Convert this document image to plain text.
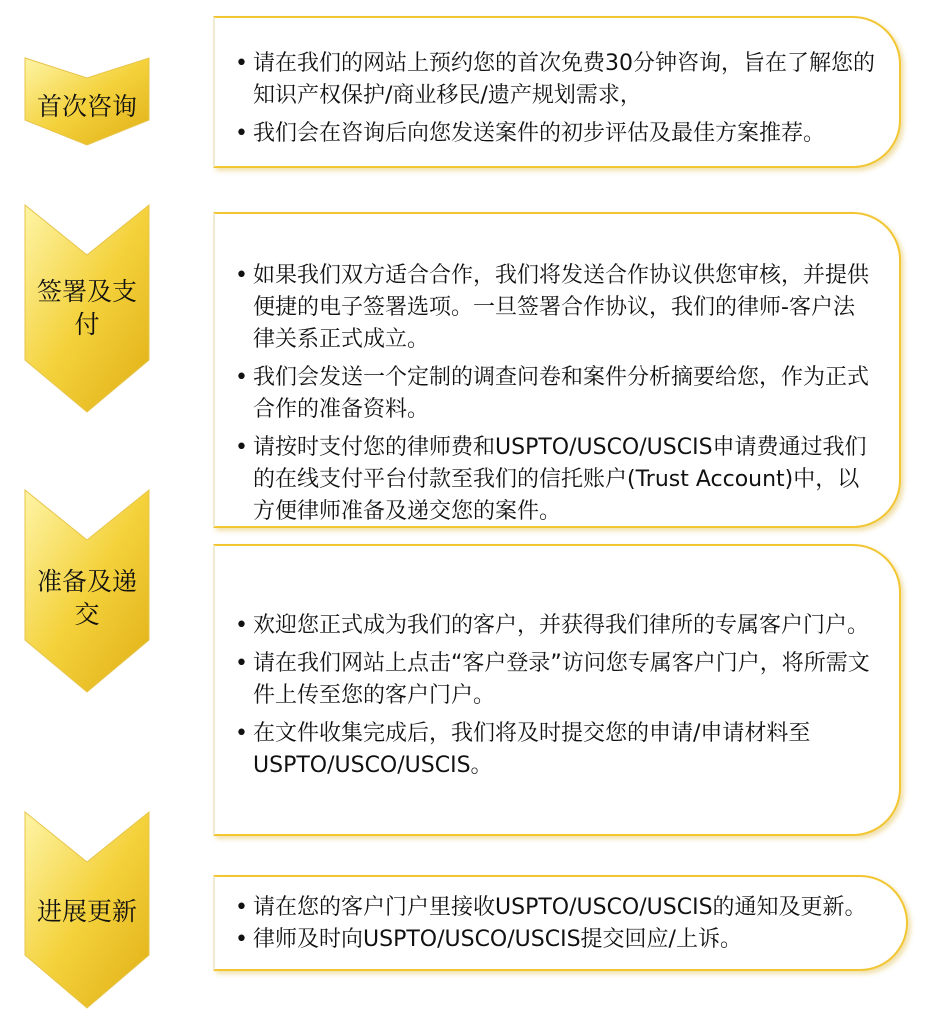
首次咨询
• 请在我们的网站上预约您的首次免费30分钟咨询，旨在了解您的知识产权保护/商业移民/遗产规划需求，
• 我们会在咨询后向您发送案件的初步评估及最佳方案推荐。
签署及支付
• 如果我们双方适合合作，我们将发送合作协议供您审核，并提供便捷的电子签署选项。一旦签署合作协议，我们的律师-客户法律关系正式成立。
• 我们会发送一个定制的调查问卷和案件分析摘要给您，作为正式合作的准备资料。
• 请按时支付您的律师费和USPTO/USCO/USCIS申请费通过我们的在线支付平台付款至我们的信托账户(Trust Account)中，以方便律师准备及递交您的案件。
准备及递交	• 欢迎您正式成为我们的客户，并获得我们律所的专属客户门户。
• 请在我们网站上点击“客户登录”访问您专属客户门户，将所需文件上传至您的客户门户。
• 在文件收集完成后，我们将及时提交您的申请/申请材料至USPTO/USCO/USCIS。
进展更新	• 请在您的客户门户里接收USPTO/USCO/USCIS的通知及更新。
• 律师及时向USPTO/USCO/USCIS提交回应/上诉。
